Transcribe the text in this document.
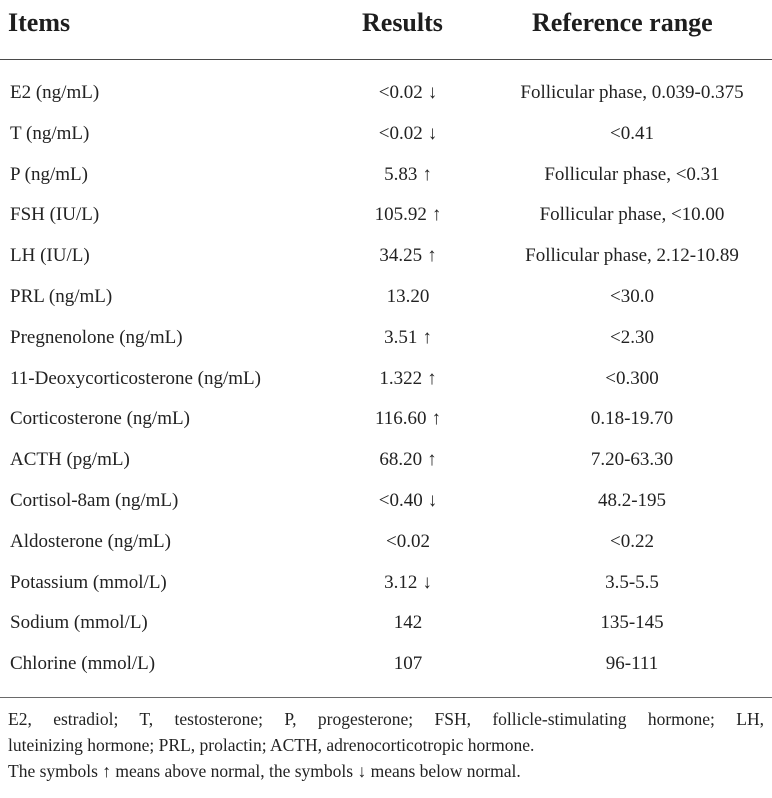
Items	Results	Reference range
E2 (ng/mL)	<0.02 ↓	Follicular phase, 0.039-0.375
T (ng/mL)	<0.02 ↓	<0.41
P (ng/mL)	5.83 ↑	Follicular phase, <0.31
FSH (IU/L)	105.92 ↑	Follicular phase, <10.00
LH (IU/L)	34.25 ↑	Follicular phase, 2.12-10.89
PRL (ng/mL)	13.20	<30.0
Pregnenolone (ng/mL)	3.51 ↑	<2.30
11-Deoxycorticosterone (ng/mL)	1.322 ↑	<0.300
Corticosterone (ng/mL)	116.60 ↑	0.18-19.70
ACTH (pg/mL)	68.20 ↑	7.20-63.30
Cortisol-8am (ng/mL)	<0.40 ↓	48.2-195
Aldosterone (ng/mL)	<0.02	<0.22
Potassium (mmol/L)	3.12 ↓	3.5-5.5
Sodium (mmol/L)	142	135-145
Chlorine (mmol/L)	107	96-111
E2, estradiol; T, testosterone; P, progesterone; FSH, follicle-stimulating hormone; LH,
luteinizing hormone; PRL, prolactin; ACTH, adrenocorticotropic hormone.
The symbols ↑ means above normal, the symbols ↓ means below normal.
